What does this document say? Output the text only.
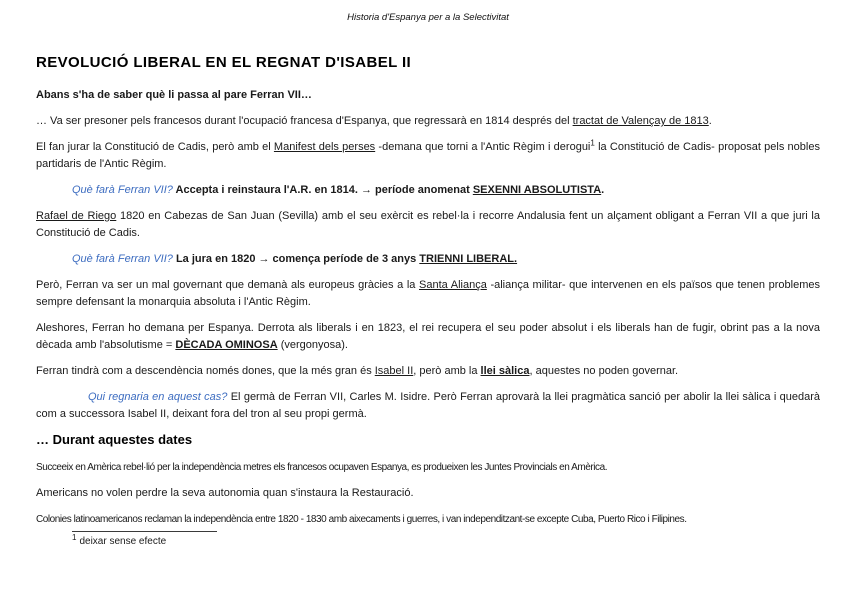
Historia d'Espanya per a la Selectivitat
REVOLUCIÓ LIBERAL EN EL REGNAT D'ISABEL II

Abans s'ha de saber què li passa al pare Ferran VII…

… Va ser presoner pels francesos durant l'ocupació francesa d'Espanya, que regressarà en 1814 després del tractat de Valençay de 1813.

El fan jurar la Constitució de Cadis, però amb el Manifest dels perses -demana que torni a l'Antic Règim i derogui$^1$ la Constitució de Cadis- proposat pels nobles partidaris de l'Antic Règim.

Què farà Ferran VII? Accepta i reinstaura l'A.R. en 1814. → període anomenat SEXENNI ABSOLUTISTA.

Rafael de Riego 1820 en Cabezas de San Juan (Sevilla) amb el seu exèrcit es rebel·la i recorre Andalusia fent un alçament obligant a Ferran VII a que juri la Constitució de Cadis.

Què farà Ferran VII? La jura en 1820 → comença període de 3 anys TRIENNI LIBERAL.

Però, Ferran va ser un mal governant que demanà als europeus gràcies a la Santa Aliança -aliança militar- que intervenen en els països que tenen problemes sempre defensant la monarquia absoluta i l'Antic Règim.

Aleshores, Ferran ho demana per Espanya. Derrota als liberals i en 1823, el rei recupera el seu poder absolut i els liberals han de fugir, obrint pas a la nova dècada amb l'absolutisme = DÈCADA OMINOSA (vergonyosa).

Ferran tindrà com a descendència només dones, que la més gran és Isabel II, però amb la llei sàlica, aquestes no poden governar.

Qui regnaria en aquest cas? El germà de Ferran VII, Carles M. Isidre. Però Ferran aprovarà la llei pragmàtica sanció per abolir la llei sàlica i quedarà com a successora Isabel II, deixant fora del tron al seu propi germà.

… Durant aquestes dates

Succeeix en Amèrica rebel·lió per la independència metres els francesos ocupaven Espanya, es produeixen les Juntes Provincials en Amèrica.

Americans no volen perdre la seva autonomia quan s'instaura la Restauració.

Colonies latinoamericanos reclaman la independència entre 1820 - 1830 amb aixecaments i guerres, i van independitzant-se excepte Cuba, Puerto Rico i Filipines.

$^1$ deixar sense efecte
